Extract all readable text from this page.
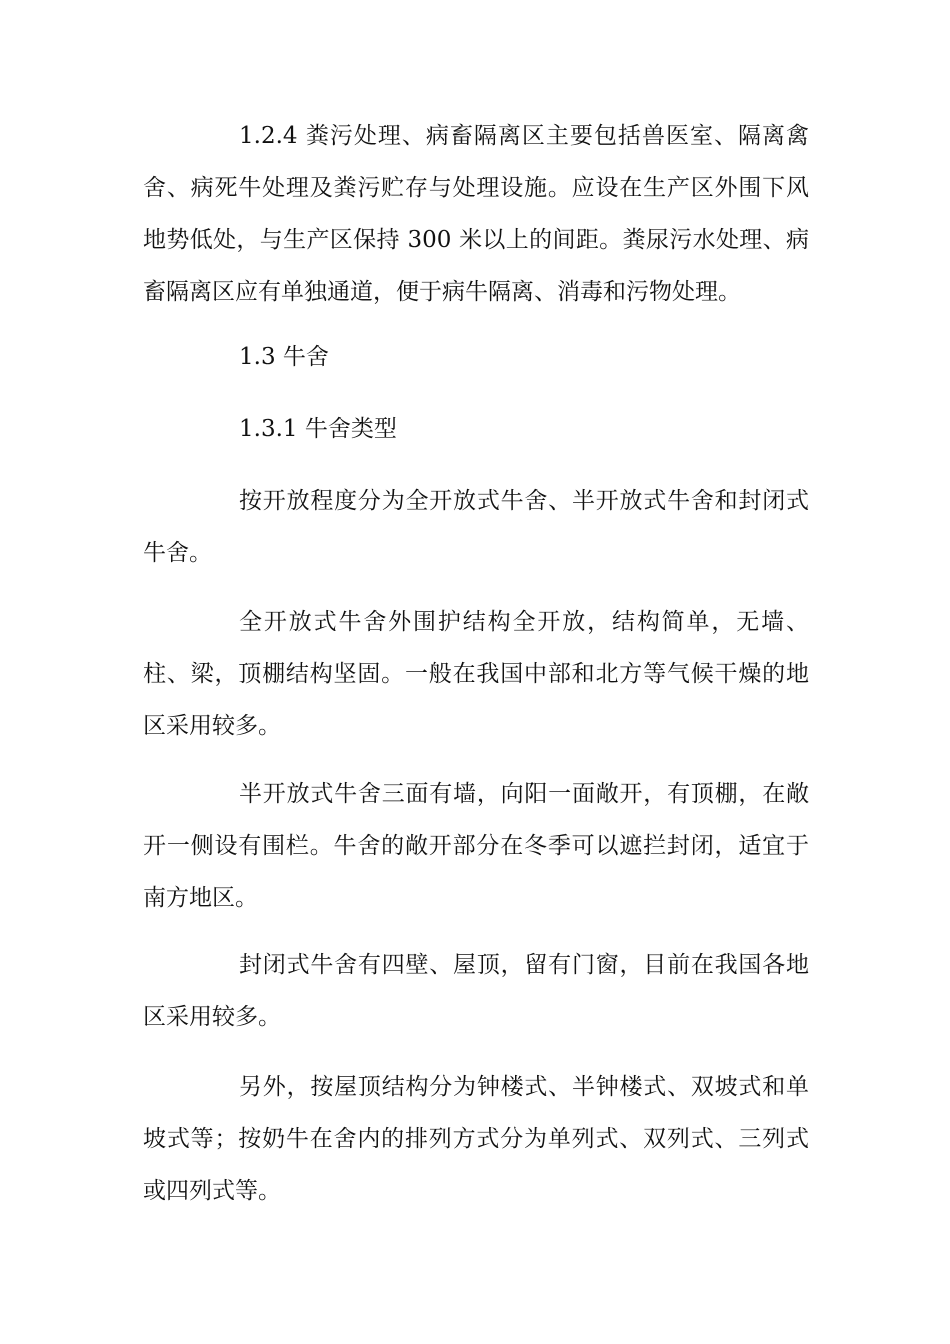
1.2.4 粪污处理、病畜隔离区主要包括兽医室、隔离禽舍、病死牛处理及粪污贮存与处理设施。应设在生产区外围下风地势低处，与生产区保持 300 米以上的间距。粪尿污水处理、病畜隔离区应有单独通道，便于病牛隔离、消毒和污物处理。

1.3 牛舍

1.3.1 牛舍类型

按开放程度分为全开放式牛舍、半开放式牛舍和封闭式牛舍。

全开放式牛舍外围护结构全开放，结构简单，无墙、柱、梁，顶棚结构坚固。一般在我国中部和北方等气候干燥的地区采用较多。

半开放式牛舍三面有墙，向阳一面敞开，有顶棚，在敞开一侧设有围栏。牛舍的敞开部分在冬季可以遮拦封闭，适宜于南方地区。

封闭式牛舍有四壁、屋顶，留有门窗，目前在我国各地区采用较多。

另外，按屋顶结构分为钟楼式、半钟楼式、双坡式和单坡式等；按奶牛在舍内的排列方式分为单列式、双列式、三列式或四列式等。
